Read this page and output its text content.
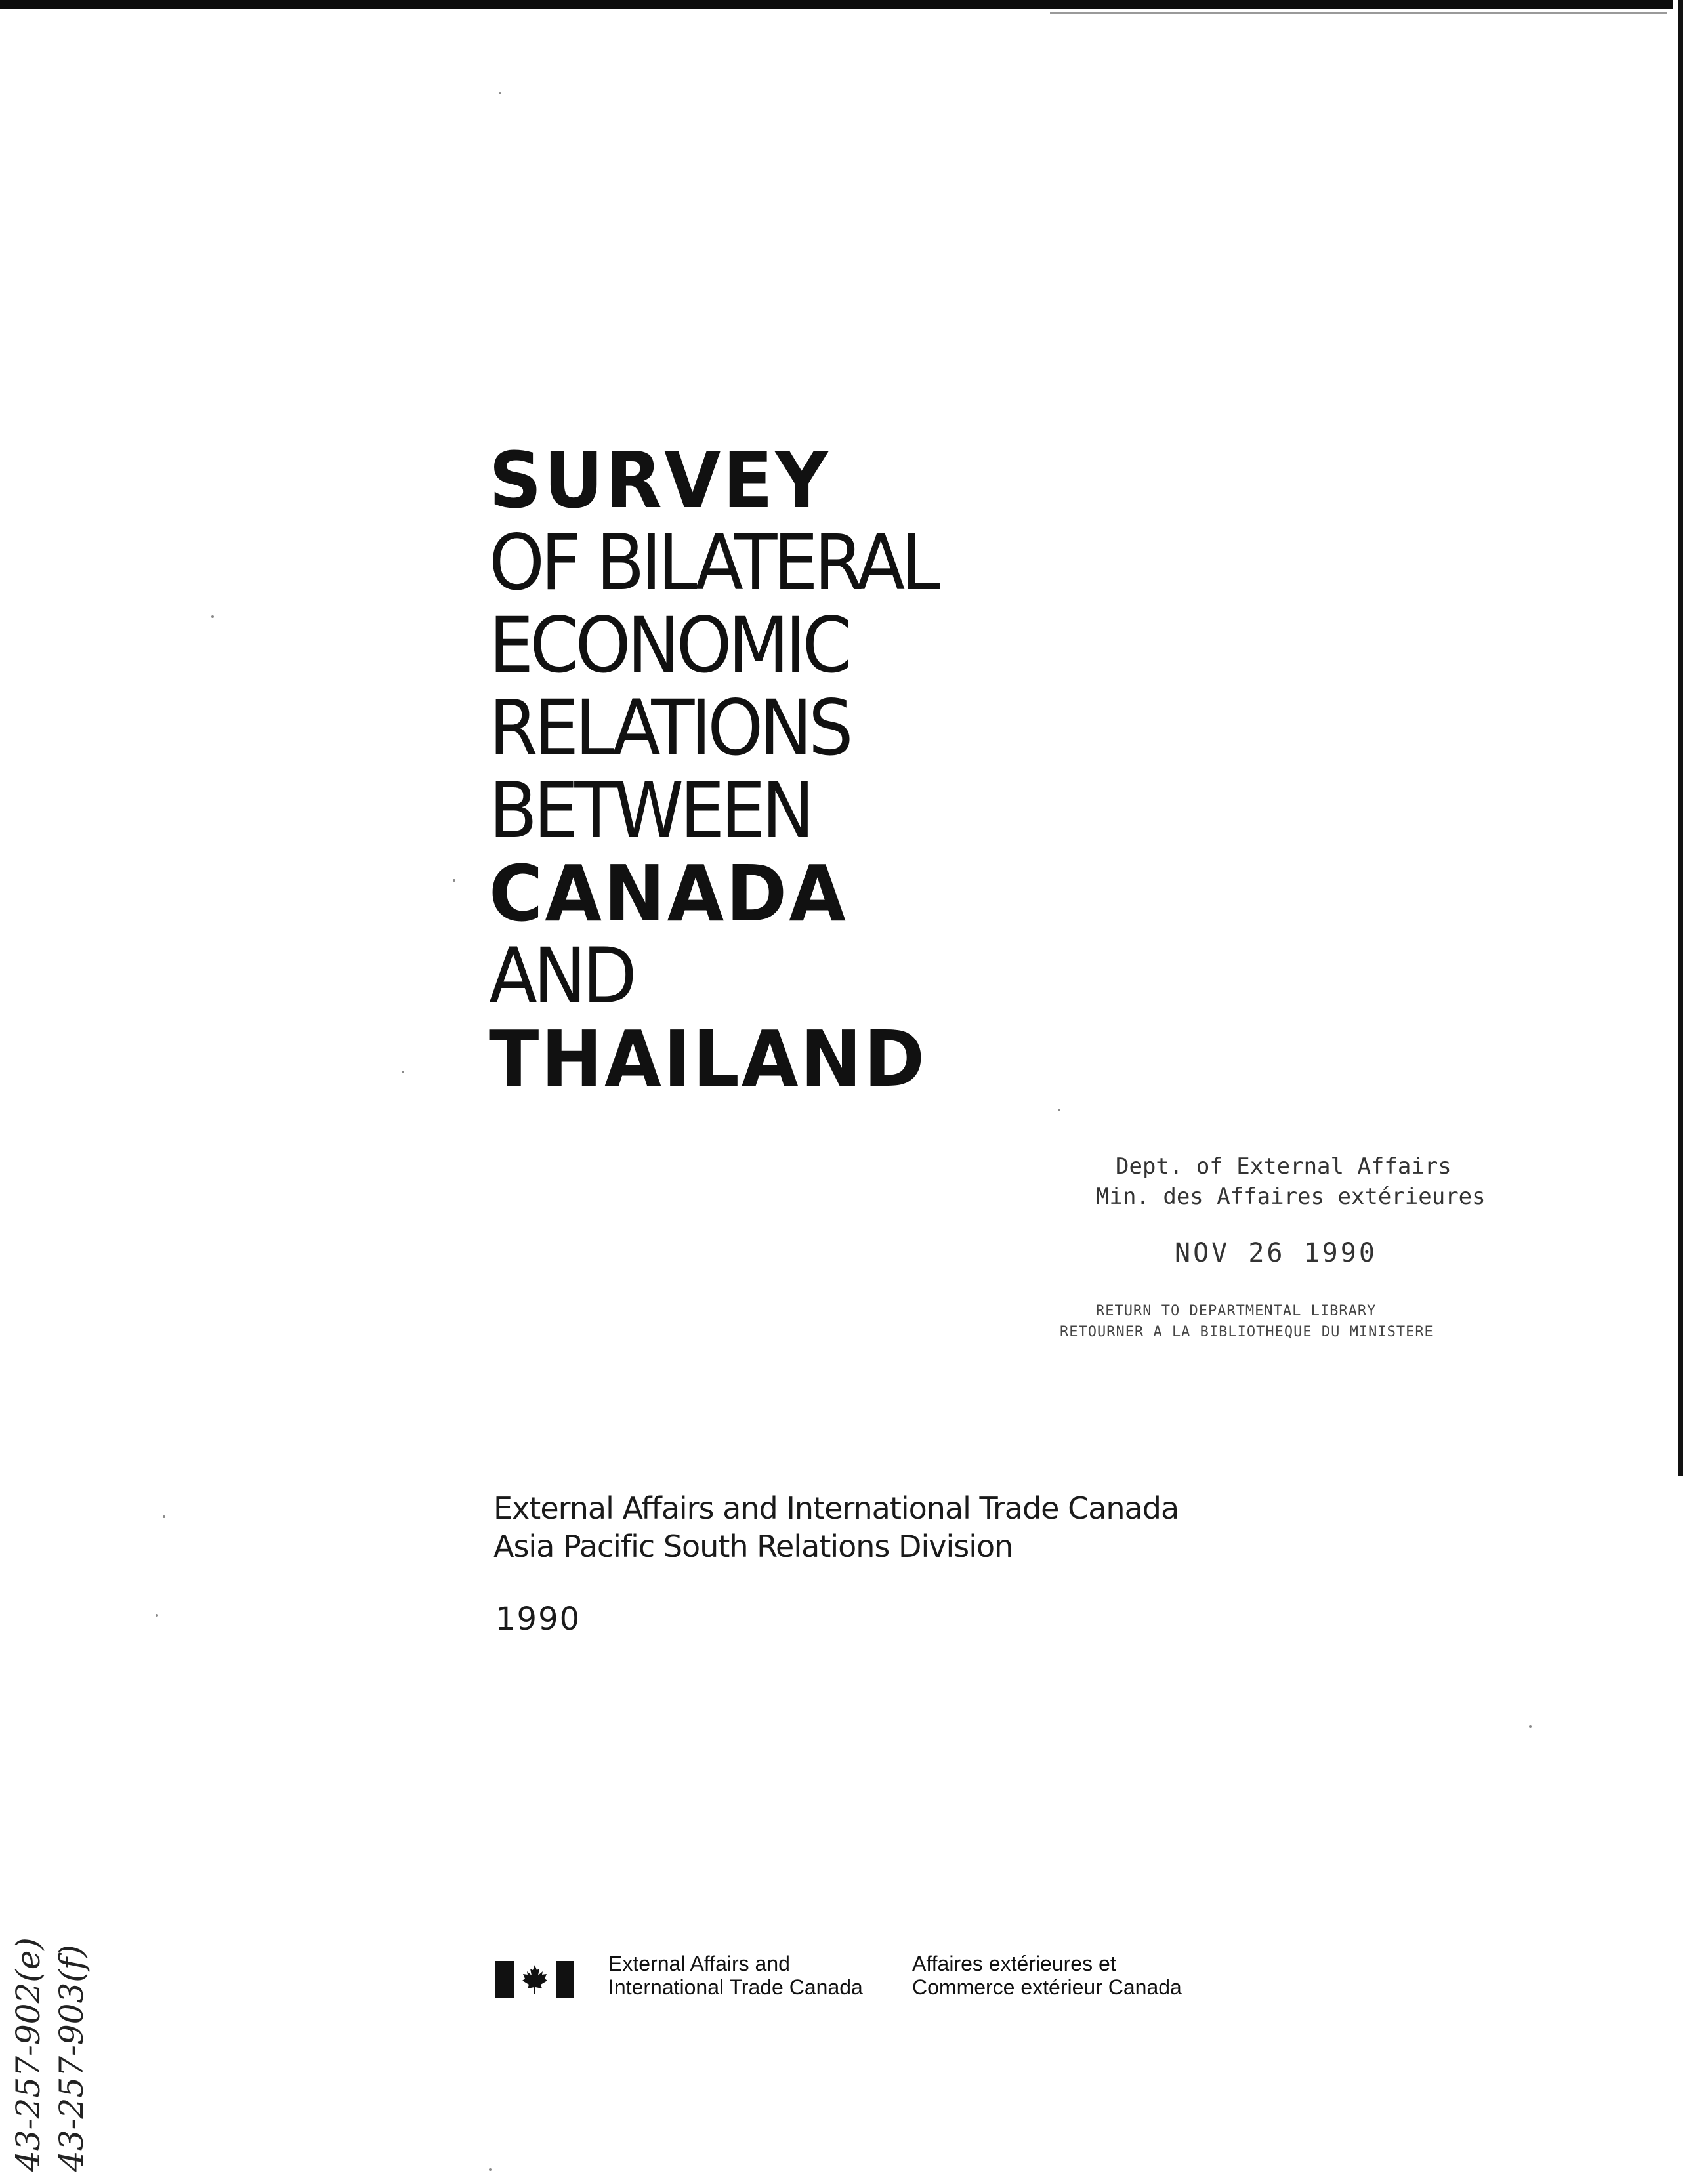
SURVEY
OF BILATERAL
ECONOMIC
RELATIONS
BETWEEN
CANADA
AND
THAILAND
Dept. of External Affairs
Min. des Affaires extérieures
NOV 26 1990
RETURN TO DEPARTMENTAL LIBRARY
RETOURNER A LA BIBLIOTHEQUE DU MINISTERE
External Affairs and International Trade Canada
Asia Pacific South Relations Division
1990
External Affairs and
International Trade Canada
Affaires extérieures et
Commerce extérieur Canada
43-257-902(e) 43-257-903(f)
